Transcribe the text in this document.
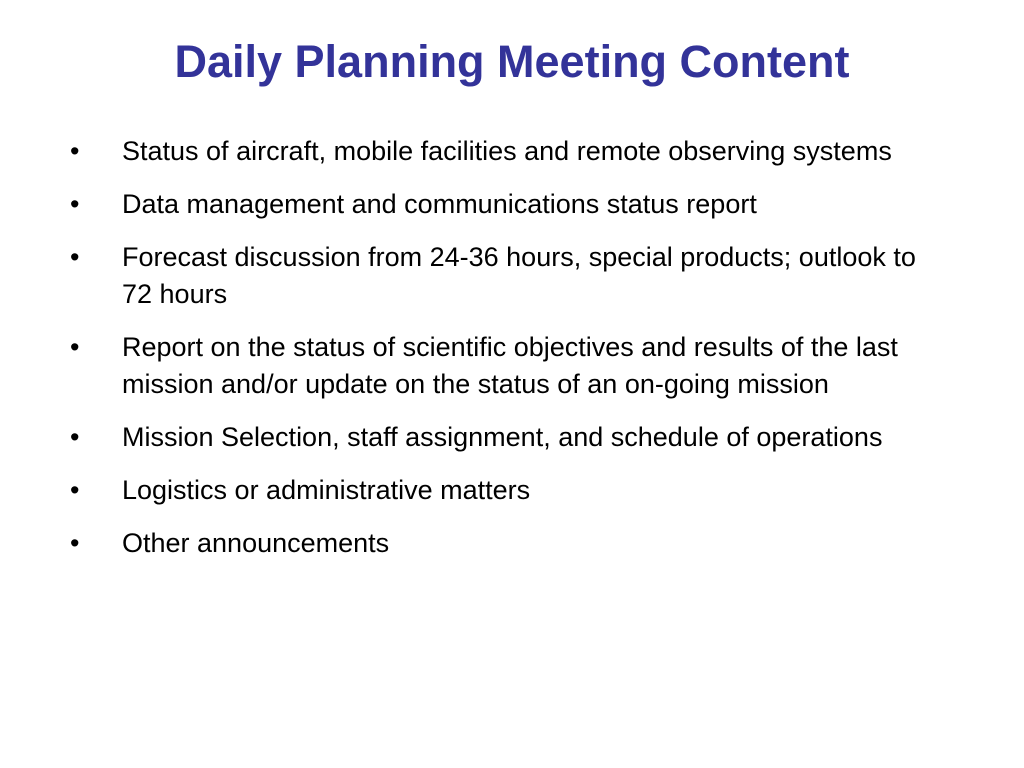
Daily Planning Meeting Content
• Status of aircraft, mobile facilities and remote observing systems
• Data management and communications status report
• Forecast discussion from 24-36 hours, special products; outlook to 72 hours
• Report on the status of scientific objectives and results of the last mission and/or update on the status of an on-going mission
• Mission Selection, staff assignment, and schedule of operations
• Logistics or administrative matters
• Other announcements
